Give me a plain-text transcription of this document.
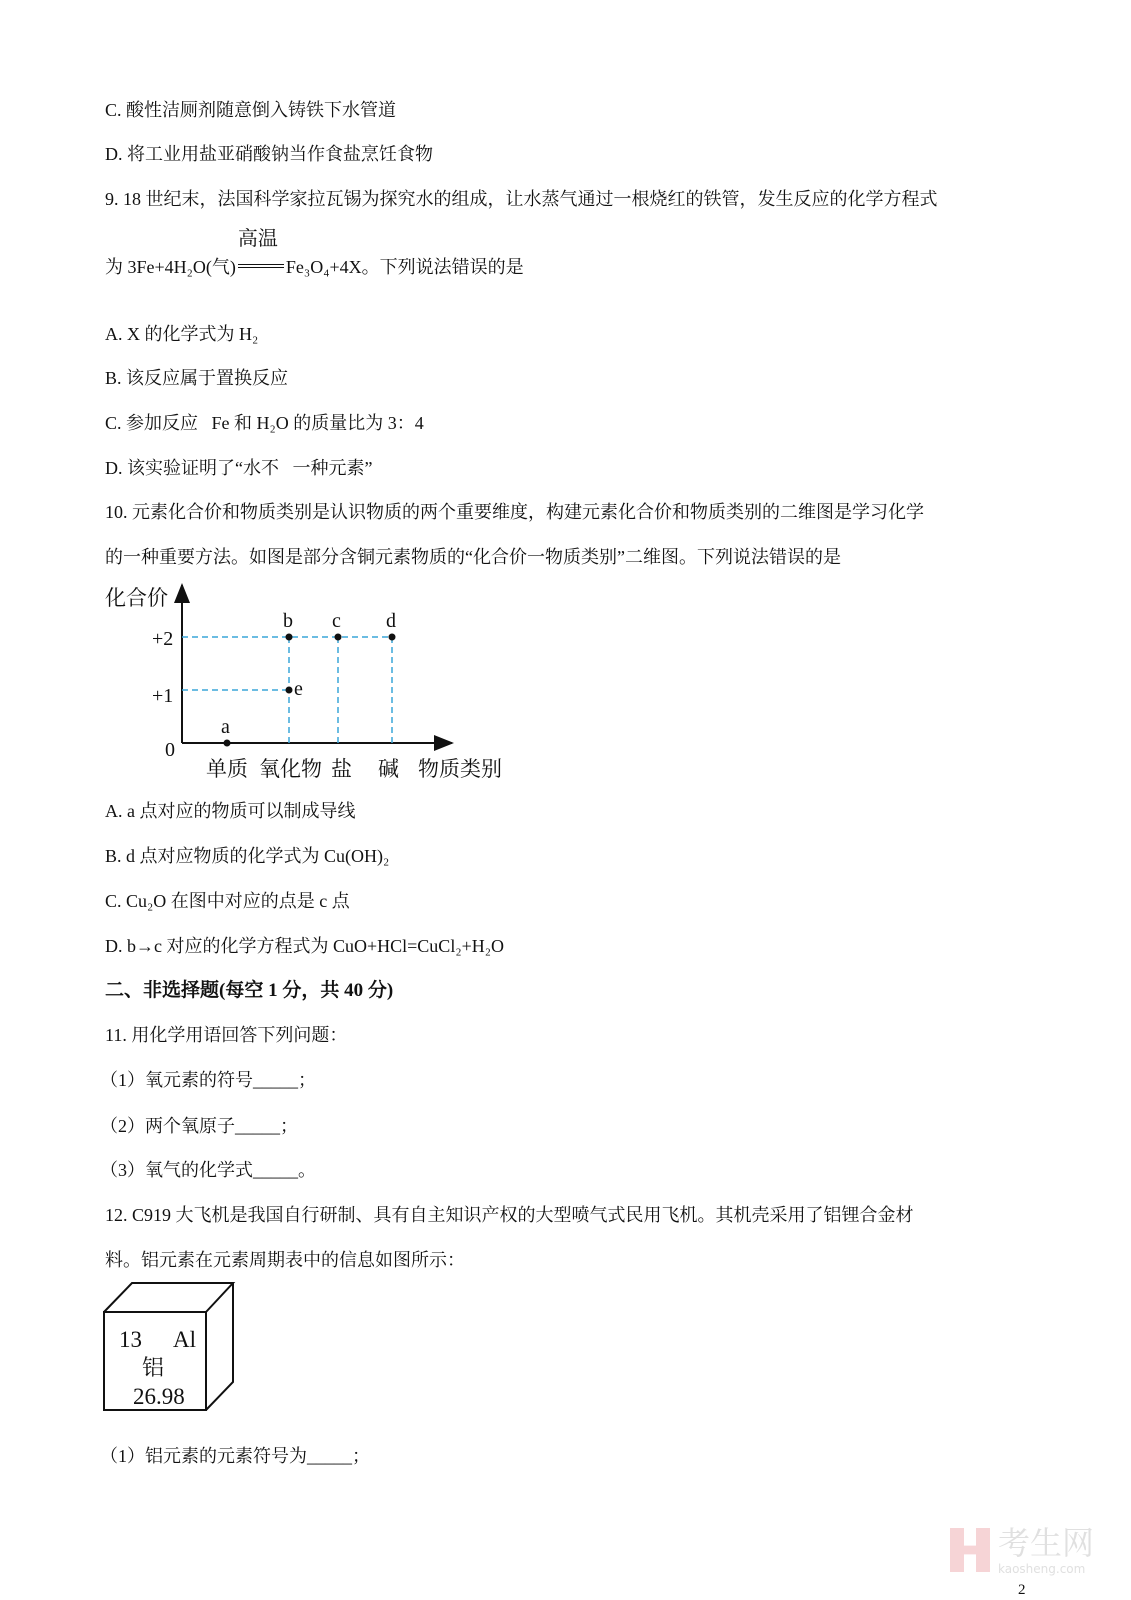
C. 酸性洁厕剂随意倒入铸铁下水管道
D. 将工业用盐亚硝酸钠当作食盐烹饪食物
9. 18 世纪末，法国科学家拉瓦锡为探究水的组成，让水蒸气通过一根烧红的铁管，发生反应的化学方程式
为 3Fe+4H₂O(气)
高温
Fe₃O₄+4X。下列说法错误的是
A. X 的化学式为 H₂
B. 该反应属于置换反应
C. 参加反应   Fe 和 H₂O 的质量比为 3：4
D. 该实验证明了“水不   一种元素”
10. 元素化合价和物质类别是认识物质的两个重要维度，构建元素化合价和物质类别的二维图是学习化学
的一种重要方法。如图是部分含铜元素物质的“化合价一物质类别”二维图。下列说法错误的是
化合价
物质类别
0
+1
+2
单质 氧化物 盐 碱
a
b c d
e
A. a 点对应的物质可以制成导线
B. d 点对应物质的化学式为 Cu(OH)₂
C. Cu₂O 在图中对应的点是 c 点
D. b→c 对应的化学方程式为 CuO+HCl=CuCl₂+H₂O
二、非选择题(每空 1 分，共 40 分)
11. 用化学用语回答下列问题：
（1）氧元素的符号_____；
（2）两个氧原子_____；
（3）氧气的化学式_____。
12. C919 大飞机是我国自行研制、具有自主知识产权的大型喷气式民用飞机。其机壳采用了铝锂合金材
料。铝元素在元素周期表中的信息如图所示：
13 Al
铝
26.98
（1）铝元素的元素符号为_____；
考生网
kaosheng.com
2
